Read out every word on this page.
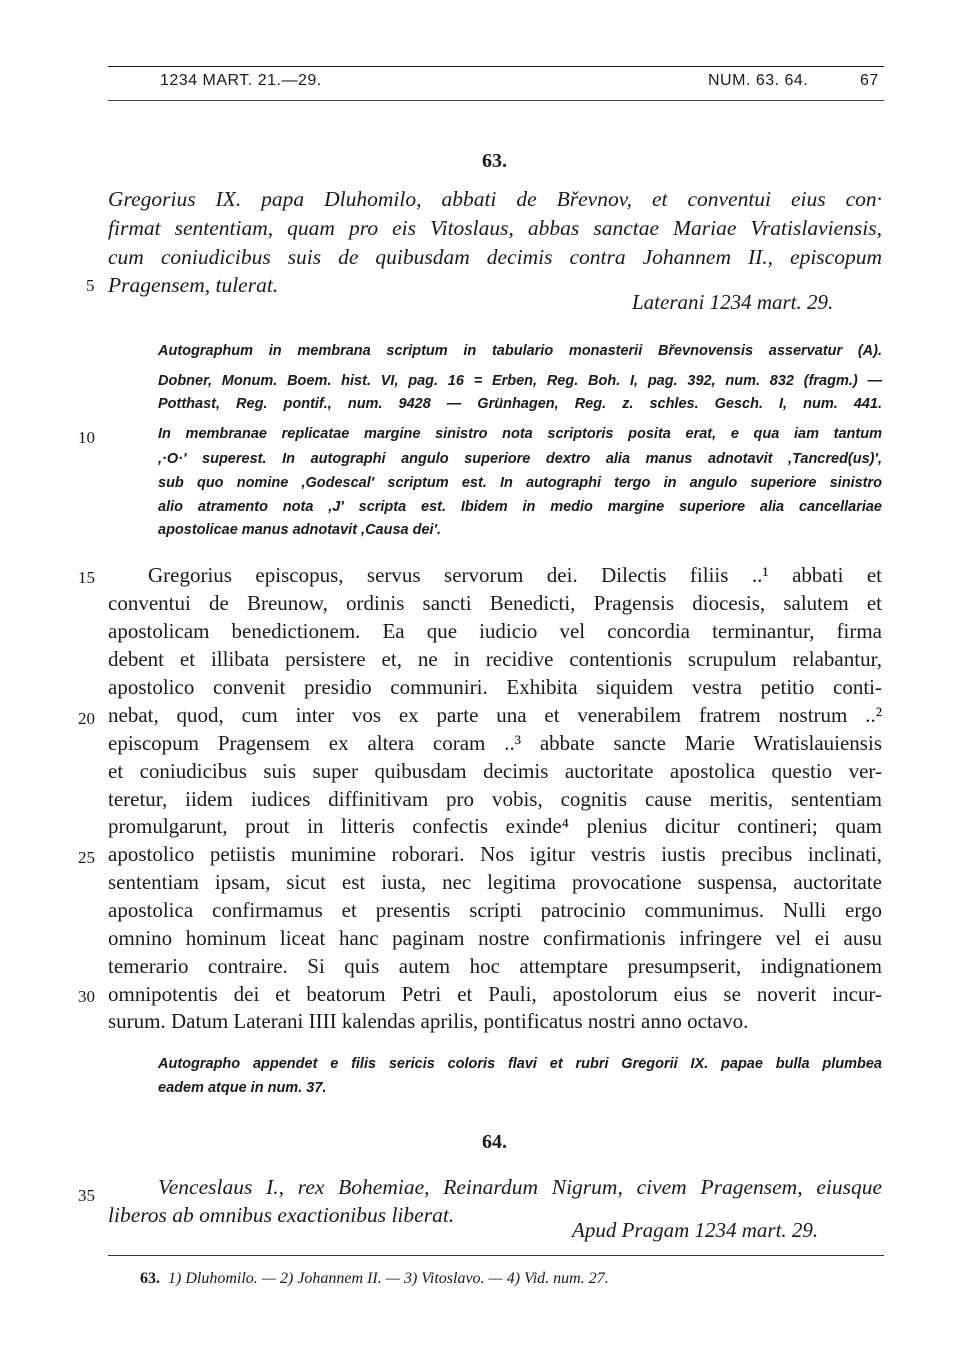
1234 MART. 21.—29.	NUM. 63. 64.	67
63.
Gregorius IX. papa Dluhomilo, abbati de Břevnov, et conventui eius con·
firmat sententiam, quam pro eis Vitoslaus, abbas sanctae Mariae Vratislaviensis,
cum coniudicibus suis de quibusdam decimis contra Johannem II., episcopum
Pragensem, tulerat.
Laterani 1234 mart. 29.
Autographum in membrana scriptum in tabulario monasterii Břevnovensis asservatur (A).
Dobner, Monum. Boem. hist. VI, pag. 16 = Erben, Reg. Boh. I, pag. 392, num. 832 (fragm.) —
Potthast, Reg. pontif., num. 9428 — Grünhagen, Reg. z. schles. Gesch. I, num. 441.
In membranae replicatae margine sinistro nota scriptoris posita erat, e qua iam tantum
,·O·' superest. In autographi angulo superiore dextro alia manus adnotavit ,Tancred(us)',
sub quo nomine ,Godescal' scriptum est. In autographi tergo in angulo superiore sinistro
alio atramento nota ,J' scripta est. Ibidem in medio margine superiore alia cancellariae
apostolicae manus adnotavit ,Causa dei'.
Gregorius episcopus, servus servorum dei. Dilectis filiis ..¹ abbati et
conventui de Breunow, ordinis sancti Benedicti, Pragensis diocesis, salutem et
apostolicam benedictionem. Ea que iudicio vel concordia terminantur, firma
debent et illibata persistere et, ne in recidive contentionis scrupulum relabantur,
apostolico convenit presidio communiri. Exhibita siquidem vestra petitio conti-
nebat, quod, cum inter vos ex parte una et venerabilem fratrem nostrum ..²
episcopum Pragensem ex altera coram ..³ abbate sancte Marie Wratislauiensis
et coniudicibus suis super quibusdam decimis auctoritate apostolica questio ver-
teretur, iidem iudices diffinitivam pro vobis, cognitis cause meritis, sententiam
promulgarunt, prout in litteris confectis exinde⁴ plenius dicitur contineri; quam
apostolico petiistis munimine roborari. Nos igitur vestris iustis precibus inclinati,
sententiam ipsam, sicut est iusta, nec legitima provocatione suspensa, auctoritate
apostolica confirmamus et presentis scripti patrocinio communimus. Nulli ergo
omnino hominum liceat hanc paginam nostre confirmationis infringere vel ei ausu
temerario contraire. Si quis autem hoc attemptare presumpserit, indignationem
omnipotentis dei et beatorum Petri et Pauli, apostolorum eius se noverit incur-
surum. Datum Laterani IIII kalendas aprilis, pontificatus nostri anno octavo.
Autographo appendet e filis sericis coloris flavi et rubri Gregorii IX. papae bulla plumbea
eadem atque in num. 37.
64.
Venceslaus I., rex Bohemiae, Reinardum Nigrum, civem Pragensem, eiusque
liberos ab omnibus exactionibus liberat.
Apud Pragam 1234 mart. 29.
5
10
15
20
25
30
35
63. 1) Dluhomilo. — 2) Johannem II. — 3) Vitoslavo. — 4) Vid. num. 27.
